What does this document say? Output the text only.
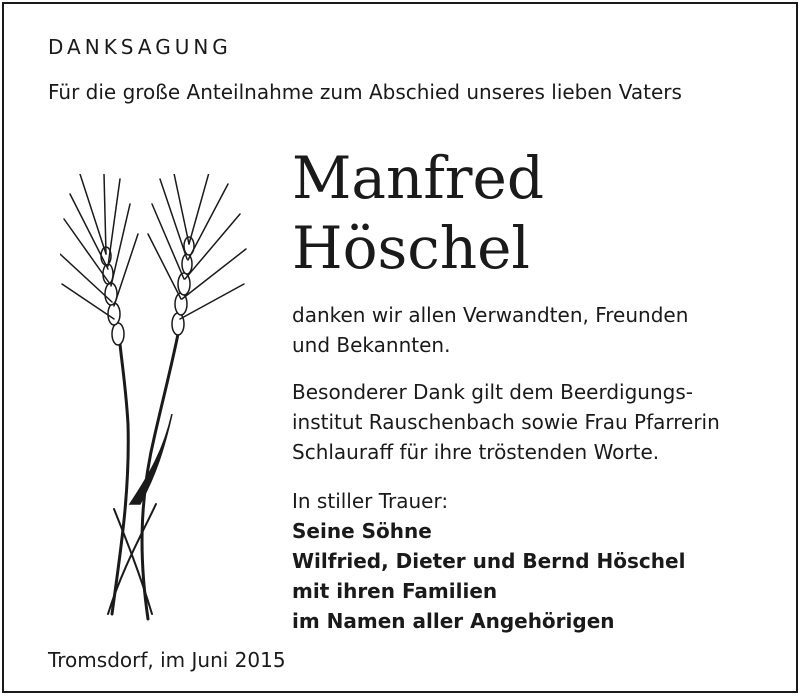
DANKSAGUNG
Für die große Anteilnahme zum Abschied unseres lieben Vaters
Manfred
Höschel
danken wir allen Verwandten, Freunden
und Bekannten.
Besonderer Dank gilt dem Beerdigungs-
institut Rauschenbach sowie Frau Pfarrerin
Schlauraff für ihre tröstenden Worte.
In stiller Trauer:
Seine Söhne
Wilfried, Dieter und Bernd Höschel
mit ihren Familien
im Namen aller Angehörigen
Tromsdorf, im Juni 2015
